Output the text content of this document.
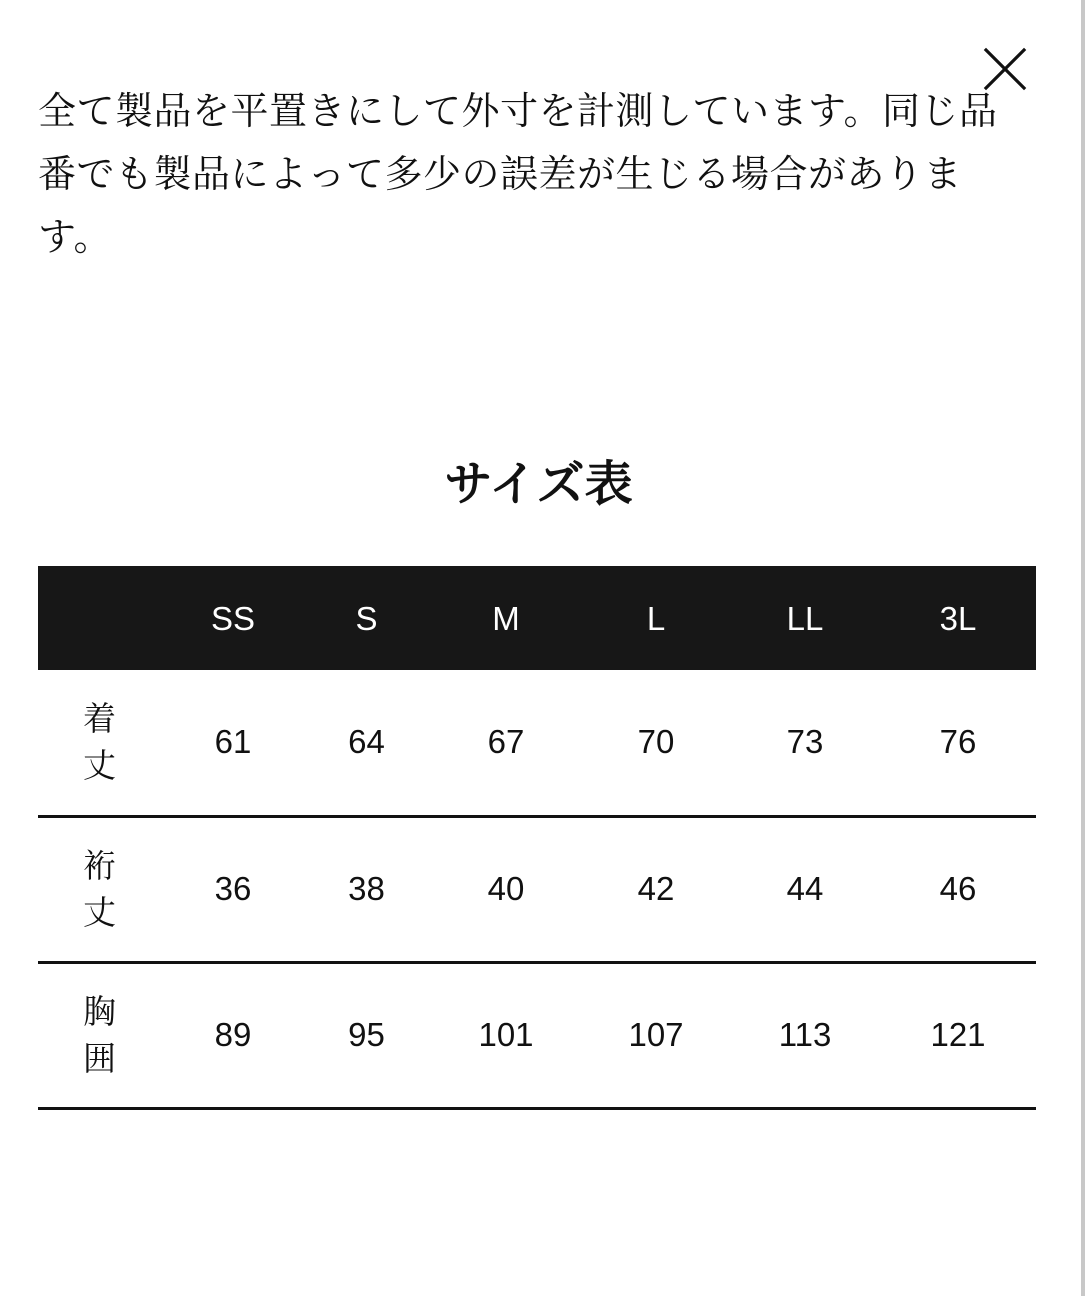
全て製品を平置きにして外寸を計測しています。同じ品番でも製品によって多少の誤差が生じる場合があります。

サイズ表
	SS	S	M	L	LL	3L

着丈	61	64	67	70	73	76

裄丈	36	38	40	42	44	46

胸囲	89	95	101	107	113	121
